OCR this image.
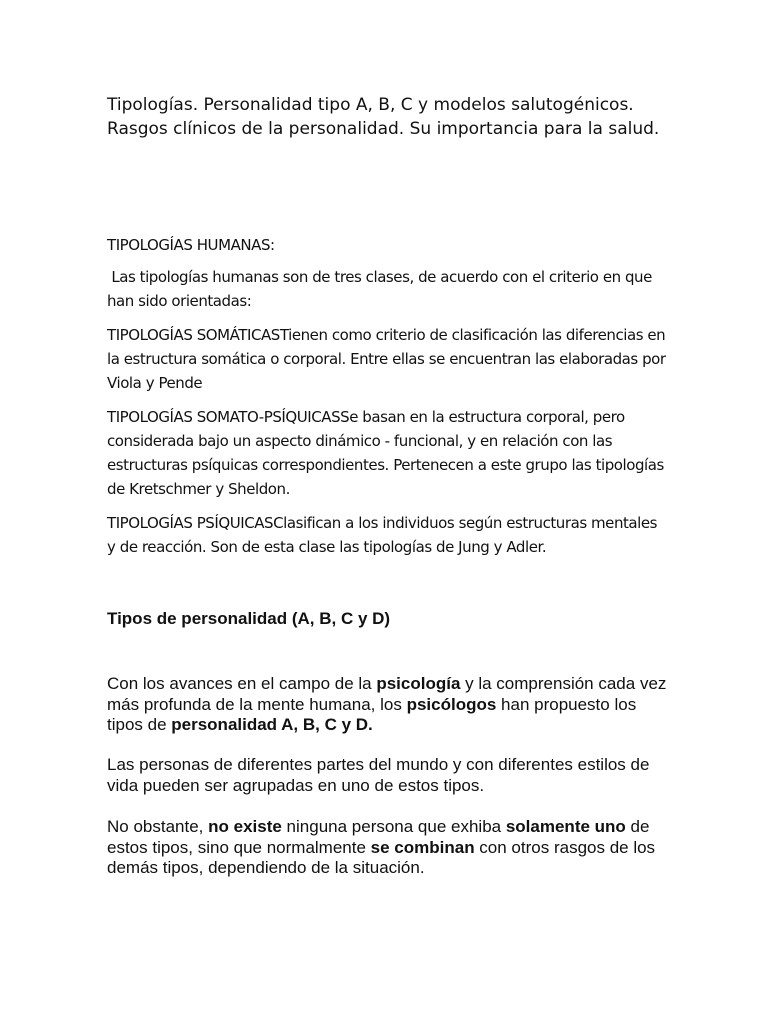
Tipologías. Personalidad tipo A, B, C y modelos salutogénicos. Rasgos clínicos de la personalidad. Su importancia para la salud.

TIPOLOGÍAS HUMANAS:

Las tipologías humanas son de tres clases, de acuerdo con el criterio en que han sido orientadas:

TIPOLOGÍAS SOMÁTICASTienen como criterio de clasificación las diferencias en la estructura somática o corporal. Entre ellas se encuentran las elaboradas por Viola y Pende

TIPOLOGÍAS SOMATO-PSÍQUICASSe basan en la estructura corporal, pero considerada bajo un aspecto dinámico - funcional, y en relación con las estructuras psíquicas correspondientes. Pertenecen a este grupo las tipologías de Kretschmer y Sheldon.

TIPOLOGÍAS PSÍQUICASClasifican a los individuos según estructuras mentales y de reacción. Son de esta clase las tipologías de Jung y Adler.

Tipos de personalidad (A, B, C y D)

Con los avances en el campo de la psicología y la comprensión cada vez más profunda de la mente humana, los psicólogos han propuesto los tipos de personalidad A, B, C y D.

Las personas de diferentes partes del mundo y con diferentes estilos de vida pueden ser agrupadas en uno de estos tipos.

No obstante, no existe ninguna persona que exhiba solamente uno de estos tipos, sino que normalmente se combinan con otros rasgos de los demás tipos, dependiendo de la situación.
